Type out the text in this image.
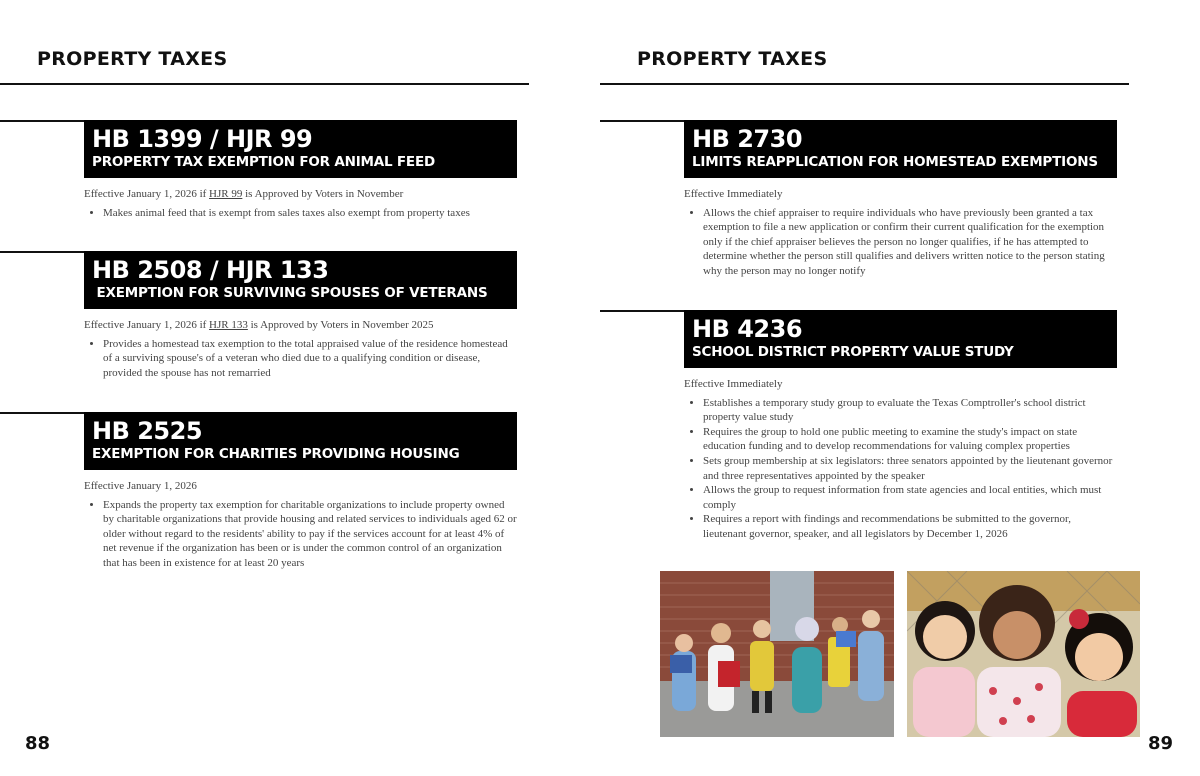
PROPERTY TAXES
HB 1399 / HJR 99
PROPERTY TAX EXEMPTION FOR ANIMAL FEED

Effective January 1, 2026 if HJR 99 is Approved by Voters in November

• Makes animal feed that is exempt from sales taxes also exempt from property taxes
HB 2508 / HJR 133
EXEMPTION FOR SURVIVING SPOUSES OF VETERANS

Effective January 1, 2026 if HJR 133 is Approved by Voters in November 2025

• Provides a homestead tax exemption to the total appraised value of the residence homestead of a surviving spouse's of a veteran who died due to a qualifying condition or disease, provided the spouse has not remarried
HB 2525
EXEMPTION FOR CHARITIES PROVIDING HOUSING

Effective January 1, 2026

• Expands the property tax exemption for charitable organizations to include property owned by charitable organizations that provide housing and related services to individuals aged 62 or older without regard to the residents' ability to pay if the services account for at least 4% of net revenue if the organization has been or is under the common control of an organization that has been in existence for at least 20 years
88
PROPERTY TAXES
HB 2730
LIMITS REAPPLICATION FOR HOMESTEAD EXEMPTIONS

Effective Immediately

• Allows the chief appraiser to require individuals who have previously been granted a tax exemption to file a new application or confirm their current qualification for the exemption only if the chief appraiser believes the person no longer qualifies, if he has attempted to determine whether the person still qualifies and delivers written notice to the person stating why the person may no longer notify
HB 4236
SCHOOL DISTRICT PROPERTY VALUE STUDY

Effective Immediately

• Establishes a temporary study group to evaluate the Texas Comptroller's school district property value study
• Requires the group to hold one public meeting to examine the study's impact on state education funding and to develop recommendations for valuing complex properties
• Sets group membership at six legislators: three senators appointed by the lieutenant governor and three representatives appointed by the speaker
• Allows the group to request information from state agencies and local entities, which must comply
• Requires a report with findings and recommendations be submitted to the governor, lieutenant governor, speaker, and all legislators by December 1, 2026
89
